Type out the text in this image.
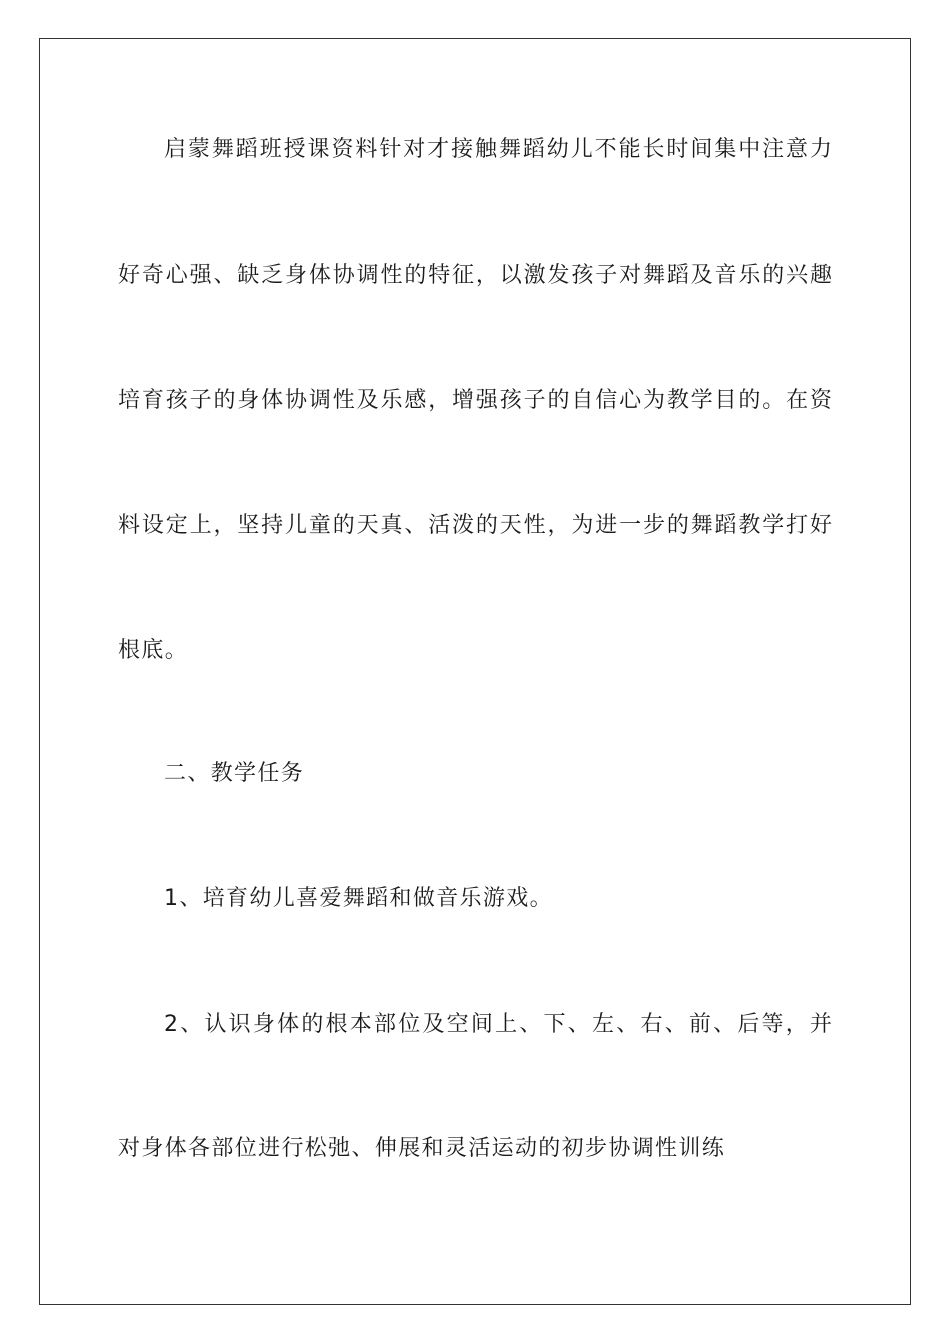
启蒙舞蹈班授课资料针对才接触舞蹈幼儿不能长时间集中注意力
好奇心强、缺乏身体协调性的特征，以激发孩子对舞蹈及音乐的兴趣
培育孩子的身体协调性及乐感，增强孩子的自信心为教学目的。在资
料设定上，坚持儿童的天真、活泼的天性，为进一步的舞蹈教学打好
根底。
二、教学任务
1、培育幼儿喜爱舞蹈和做音乐游戏。
2、认识身体的根本部位及空间上、下、左、右、前、后等，并
对身体各部位进行松弛、伸展和灵活运动的初步协调性训练
